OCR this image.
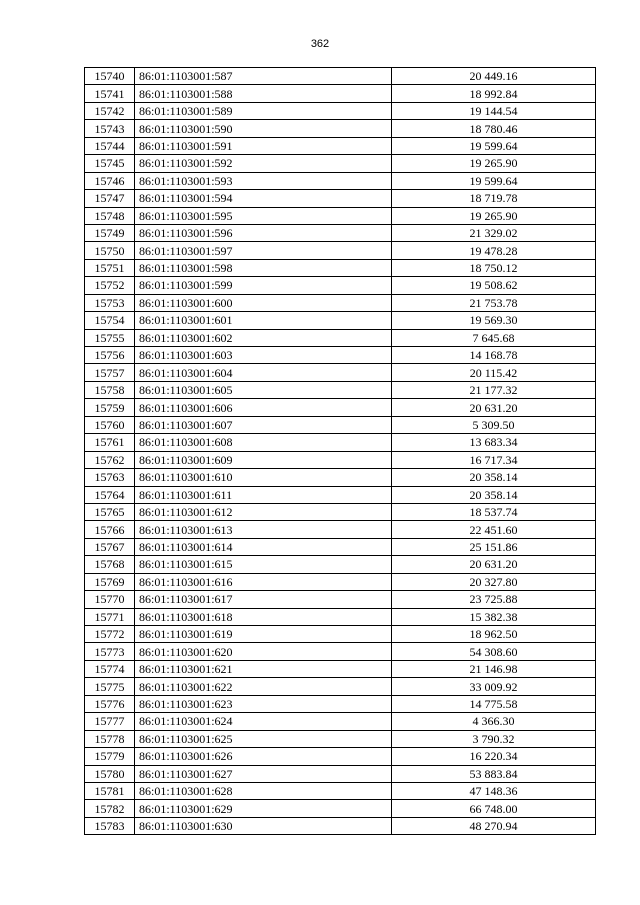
362
15740	86:01:1103001:587	20 449.16
15741	86:01:1103001:588	18 992.84
15742	86:01:1103001:589	19 144.54
15743	86:01:1103001:590	18 780.46
15744	86:01:1103001:591	19 599.64
15745	86:01:1103001:592	19 265.90
15746	86:01:1103001:593	19 599.64
15747	86:01:1103001:594	18 719.78
15748	86:01:1103001:595	19 265.90
15749	86:01:1103001:596	21 329.02
15750	86:01:1103001:597	19 478.28
15751	86:01:1103001:598	18 750.12
15752	86:01:1103001:599	19 508.62
15753	86:01:1103001:600	21 753.78
15754	86:01:1103001:601	19 569.30
15755	86:01:1103001:602	7 645.68
15756	86:01:1103001:603	14 168.78
15757	86:01:1103001:604	20 115.42
15758	86:01:1103001:605	21 177.32
15759	86:01:1103001:606	20 631.20
15760	86:01:1103001:607	5 309.50
15761	86:01:1103001:608	13 683.34
15762	86:01:1103001:609	16 717.34
15763	86:01:1103001:610	20 358.14
15764	86:01:1103001:611	20 358.14
15765	86:01:1103001:612	18 537.74
15766	86:01:1103001:613	22 451.60
15767	86:01:1103001:614	25 151.86
15768	86:01:1103001:615	20 631.20
15769	86:01:1103001:616	20 327.80
15770	86:01:1103001:617	23 725.88
15771	86:01:1103001:618	15 382.38
15772	86:01:1103001:619	18 962.50
15773	86:01:1103001:620	54 308.60
15774	86:01:1103001:621	21 146.98
15775	86:01:1103001:622	33 009.92
15776	86:01:1103001:623	14 775.58
15777	86:01:1103001:624	4 366.30
15778	86:01:1103001:625	3 790.32
15779	86:01:1103001:626	16 220.34
15780	86:01:1103001:627	53 883.84
15781	86:01:1103001:628	47 148.36
15782	86:01:1103001:629	66 748.00
15783	86:01:1103001:630	48 270.94
